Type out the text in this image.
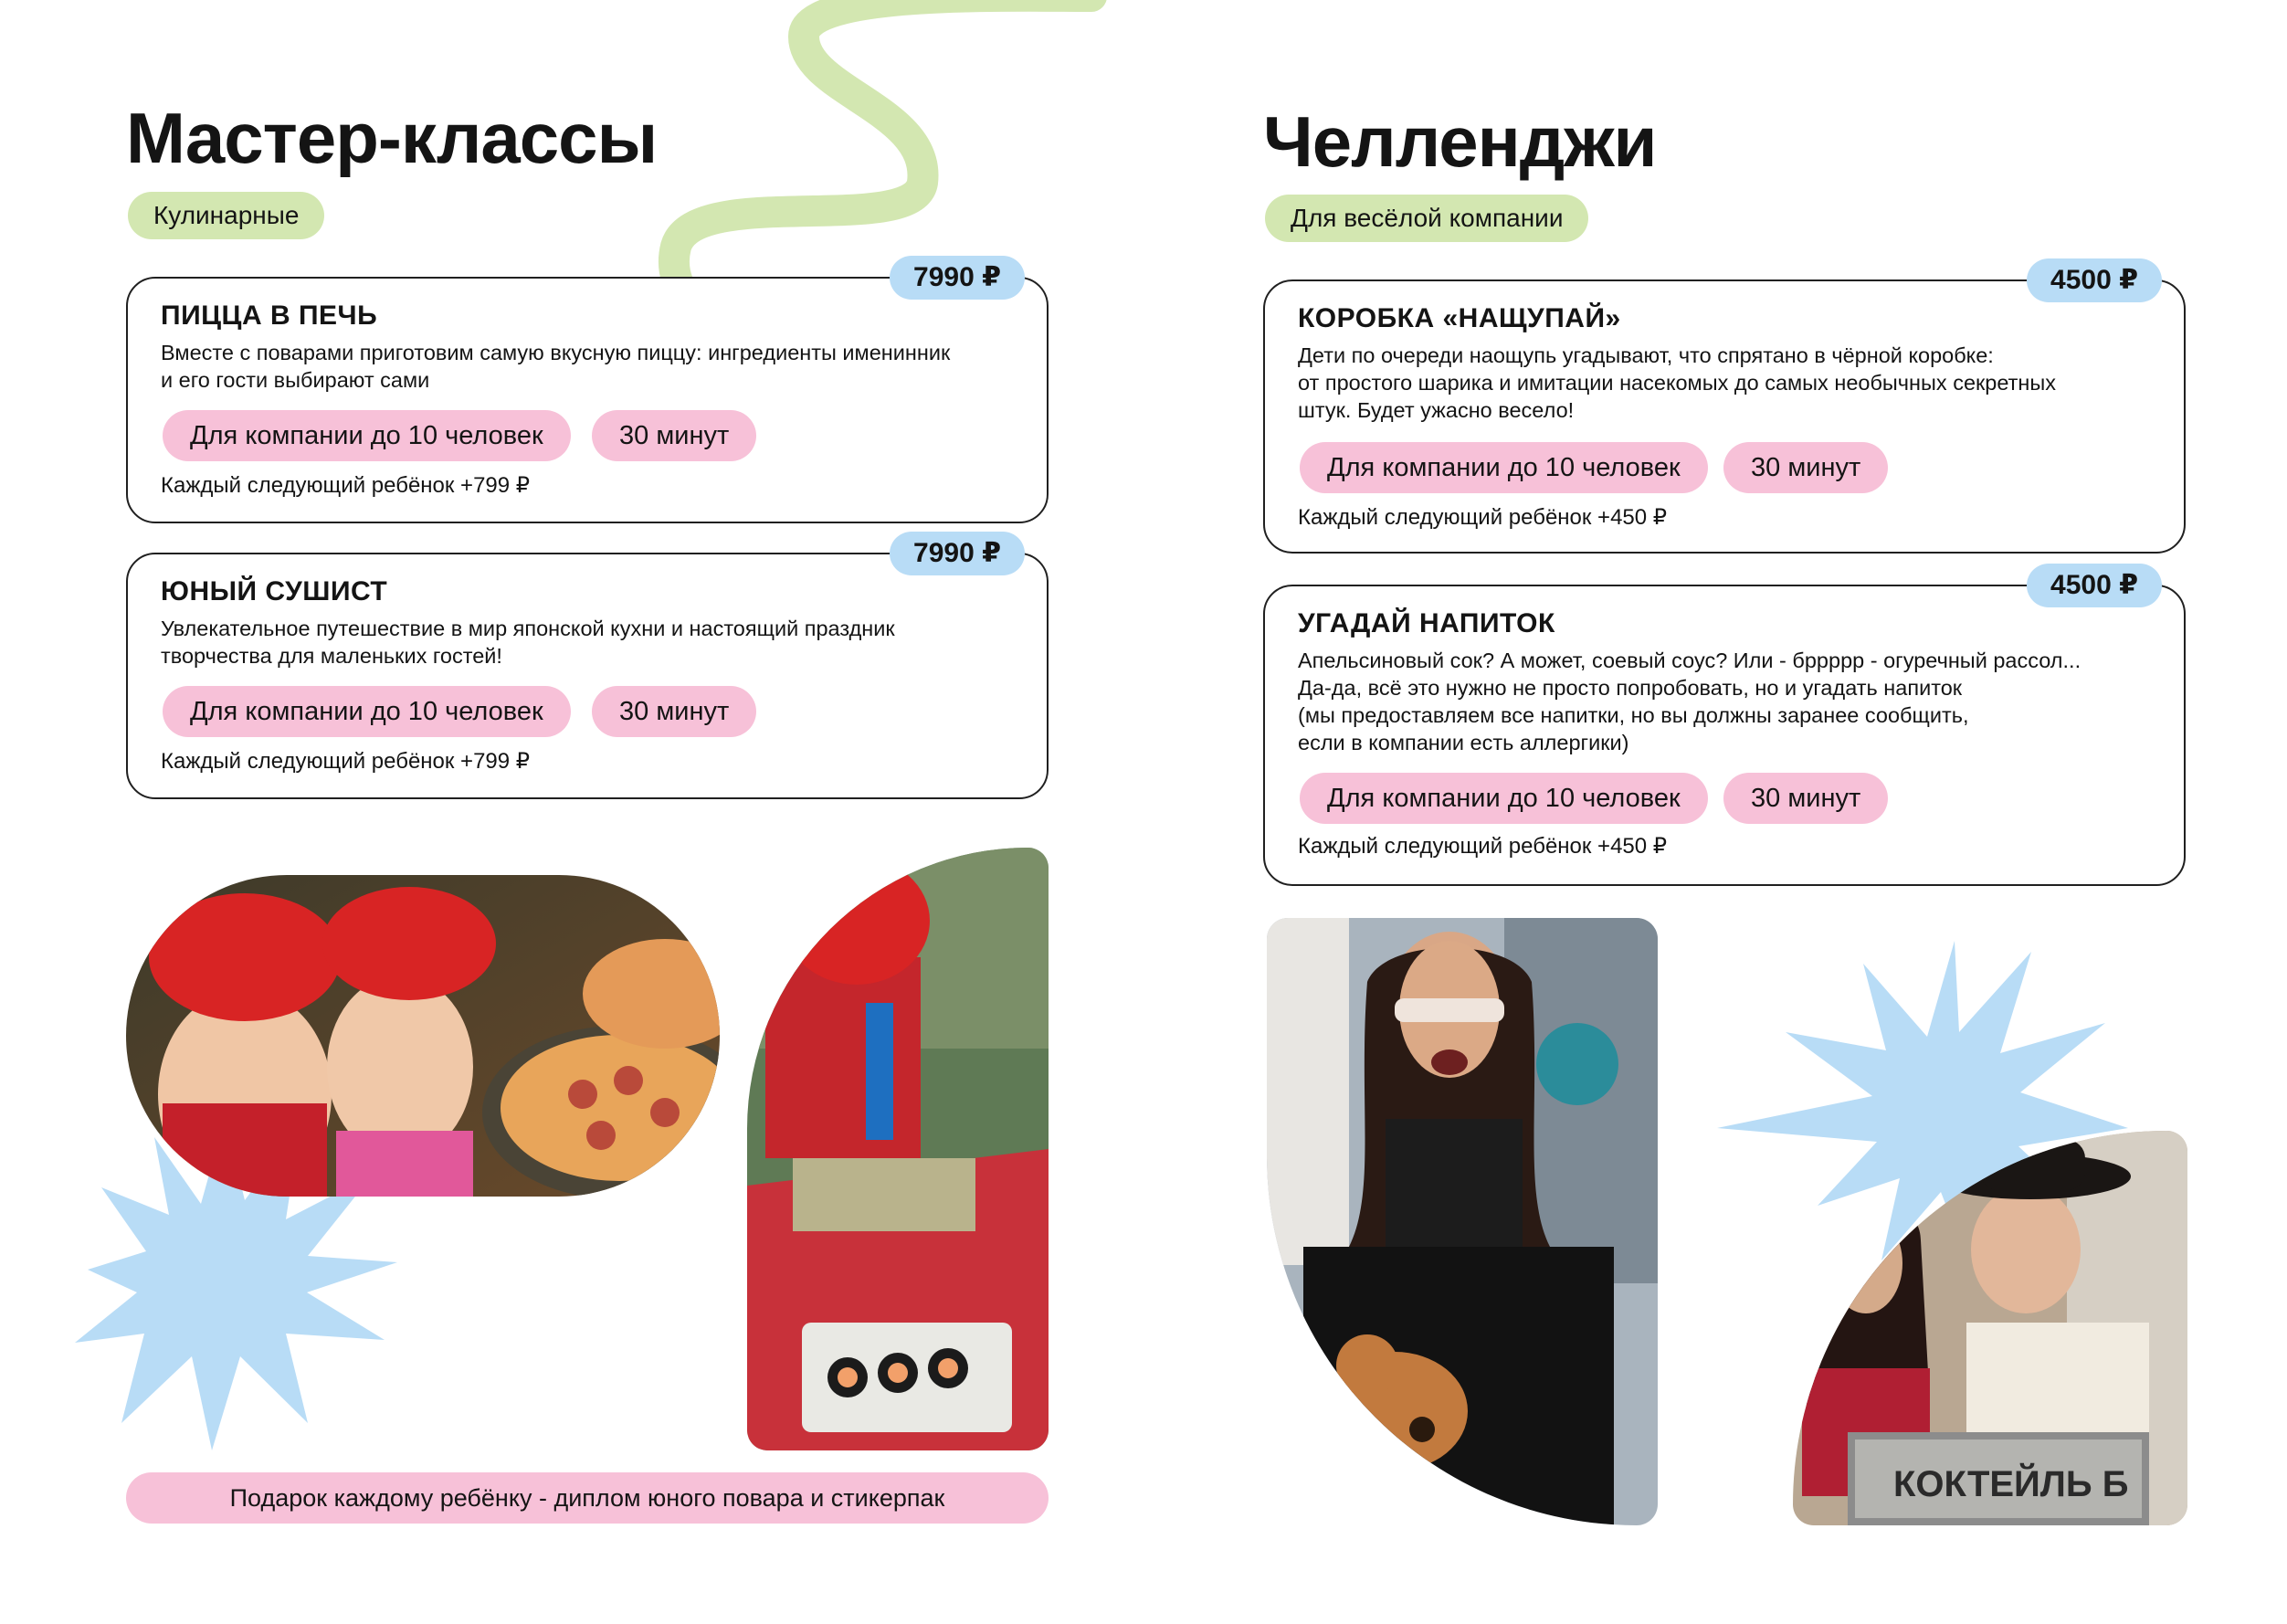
Мастер-классы
Кулинарные
7990 ₽
ПИЦЦА В ПЕЧЬ
Вместе с поварами приготовим самую вкусную пиццу: ингредиенты именинник
и его гости выбирают сами
Для компании до 10 человек	30 минут
Каждый следующий ребёнок +799 ₽
7990 ₽
ЮНЫЙ СУШИСТ
Увлекательное путешествие в мир японской кухни и настоящий праздник
творчества для маленьких гостей!
Для компании до 10 человек	30 минут
Каждый следующий ребёнок +799 ₽
Подарок каждому ребёнку - диплом юного повара и стикерпак
Челленджи
Для весёлой компании
4500 ₽
КОРОБКА «НАЩУПАЙ»
Дети по очереди наощупь угадывают, что спрятано в чёрной коробке:
от простого шарика и имитации насекомых до самых необычных секретных
штук. Будет ужасно весело!
Для компании до 10 человек	30 минут
Каждый следующий ребёнок +450 ₽
4500 ₽
УГАДАЙ НАПИТОК
Апельсиновый сок? А может, соевый соус? Или - бррррр - огуречный рассол...
Да-да, всё это нужно не просто попробовать, но и угадать напиток
(мы предоставляем все напитки, но вы должны заранее сообщить,
если в компании есть аллергики)
Для компании до 10 человек	30 минут
Каждый следующий ребёнок +450 ₽
КОКТЕЙЛЬ Б
